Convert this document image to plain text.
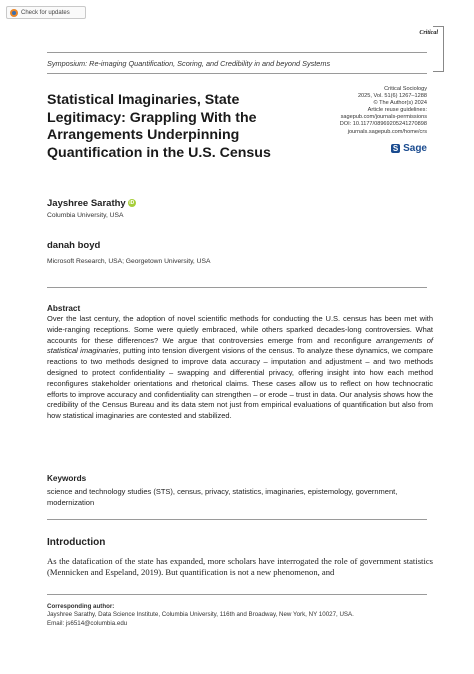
Check for updates
Critical
Symposium: Re-imaging Quantification, Scoring, and Credibility in and beyond Systems
Statistical Imaginaries, State Legitimacy: Grappling With the Arrangements Underpinning Quantification in the U.S. Census
Critical Sociology
2025, Vol. 51(6) 1267–1288
© The Author(s) 2024
Article reuse guidelines:
sagepub.com/journals-permissions
DOI: 10.1177/08969205241270898
journals.sagepub.com/home/crs
S Sage
Jayshree Sarathy iD
Columbia University, USA
danah boyd
Microsoft Research, USA; Georgetown University, USA
Abstract
Over the last century, the adoption of novel scientific methods for conducting the U.S. census has been met with wide-ranging receptions. Some were quietly embraced, while others sparked decades-long controversies. What accounts for these differences? We argue that controversies emerge from and reconfigure arrangements of statistical imaginaries, putting into tension divergent visions of the census. To analyze these dynamics, we compare reactions to two methods designed to improve data accuracy – imputation and adjustment – and two methods designed to protect confidentiality – swapping and differential privacy, offering insight into how each method reconfigures stakeholder orientations and rhetorical claims. These cases allow us to reflect on how technocratic efforts to improve accuracy and confidentiality can strengthen – or erode – trust in data. Our analysis shows how the credibility of the Census Bureau and its data stem not just from empirical evaluations of quantification but also from how statistical imaginaries are contested and stabilized.
Keywords
science and technology studies (STS), census, privacy, statistics, imaginaries, epistemology, government, modernization
Introduction
As the datafication of the state has expanded, more scholars have interrogated the role of government statistics (Mennicken and Espeland, 2019). But quantification is not a new phenomenon, and
Corresponding author:
Jayshree Sarathy, Data Science Institute, Columbia University, 116th and Broadway, New York, NY 10027, USA.
Email: js6514@columbia.edu
